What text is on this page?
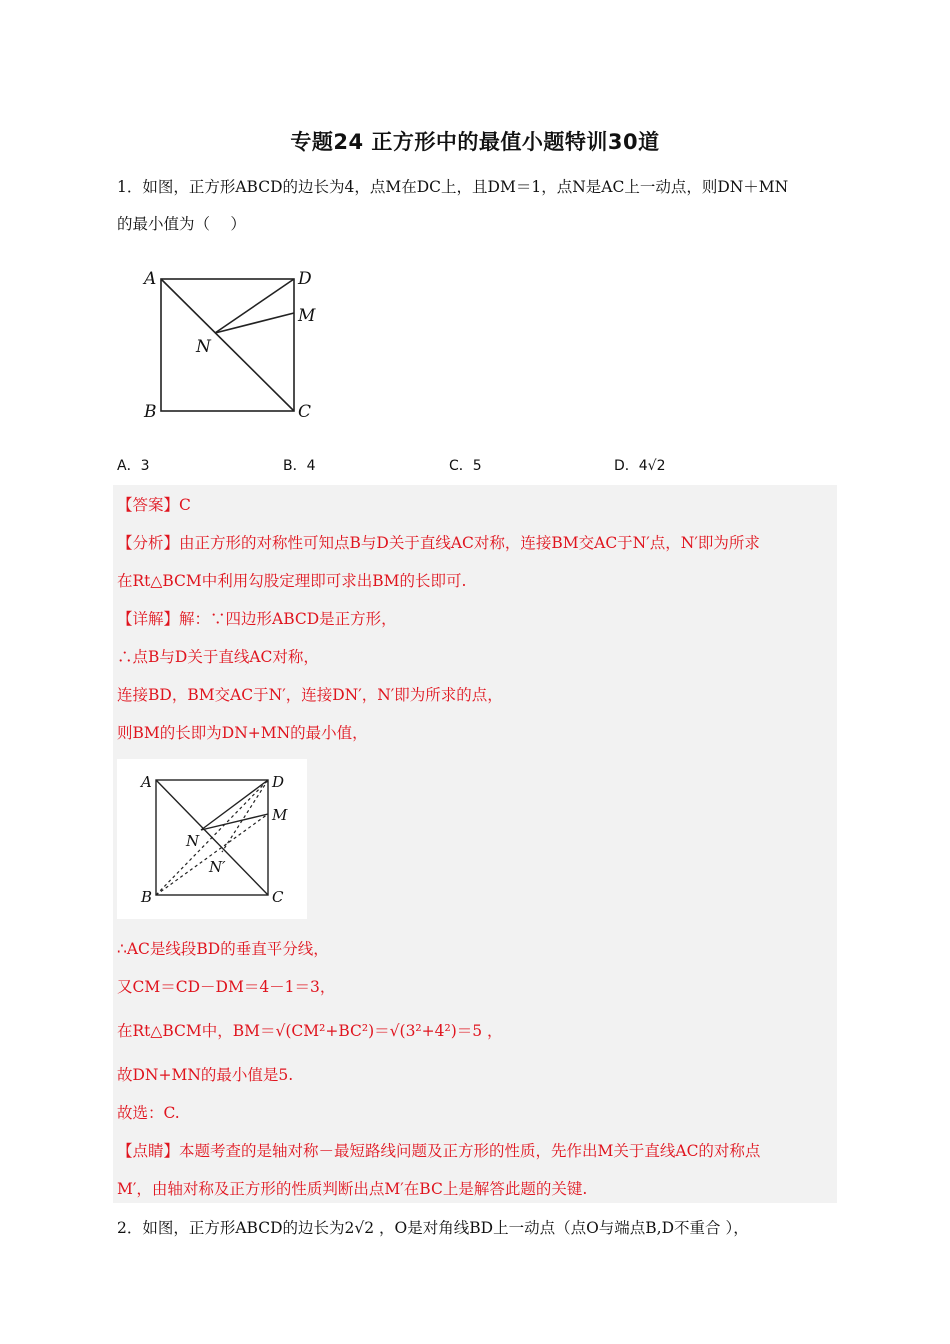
专题24 正方形中的最值小题特训30道
1．如图，正方形ABCD的边长为4，点M在DC上，且DM＝1，点N是AC上一动点，则DN＋MN
的最小值为（　 ）
A	D
M
N
B	C
A．3	B．4	C．5	D．4√2
【答案】C
【分析】由正方形的对称性可知点B与D关于直线AC对称，连接BM交AC于N′点，N′即为所求
在Rt△BCM中利用勾股定理即可求出BM的长即可.
【详解】解：∵四边形ABCD是正方形，
∴点B与D关于直线AC对称，
连接BD，BM交AC于N′，连接DN′，N′即为所求的点，
则BM的长即为DN+MN的最小值，
A	D
M
N
N′
B	C
∴AC是线段BD的垂直平分线，
又CM＝CD－DM＝4－1＝3，
在Rt△BCM中，BM＝√(CM²+BC²)＝√(3²+4²)＝5 ，
故DN+MN的最小值是5.
故选：C.
【点睛】本题考查的是轴对称－最短路线问题及正方形的性质，先作出M关于直线AC的对称点
M′，由轴对称及正方形的性质判断出点M′在BC上是解答此题的关键.
2．如图，正方形ABCD的边长为2√2 ，O是对角线BD上一动点（点O与端点B,D不重合 ），
